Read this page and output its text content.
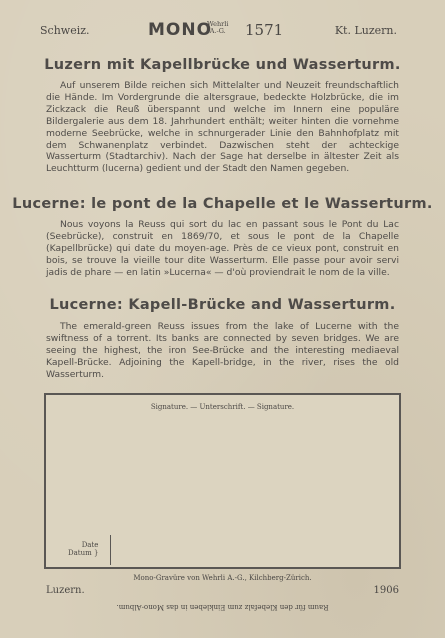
Schweiz.	MONO
Wehrli
A.-G. 1571	Kt. Luzern.
Luzern mit Kapellbrücke und Wasserturm.
Auf unserem Bilde reichen sich Mittelalter und Neuzeit freundschaftlich die Hände. Im Vordergrunde die altersgraue, bedeckte Holzbrücke, die im Zickzack die Reuß überspannt und welche im Innern eine populäre Bildergalerie aus dem 18. Jahrhundert enthält; weiter hinten die vornehme moderne Seebrücke, welche in schnurgerader Linie den Bahnhofplatz mit dem Schwanenplatz verbindet. Dazwischen steht der achteckige Wasserturm (Stadtarchiv). Nach der Sage hat derselbe in ältester Zeit als Leuchtturm (lucerna) gedient und der Stadt den Namen gegeben.
Lucerne: le pont de la Chapelle et le Wasserturm.
Nous voyons la Reuss qui sort du lac en passant sous le Pont du Lac (Seebrücke), construit en 1869/70, et sous le pont de la Chapelle (Kapellbrücke) qui date du moyen-age. Près de ce vieux pont, construit en bois, se trouve la vieille tour dite Wasserturm. Elle passe pour avoir servi jadis de phare — en latin »Lucerna« — d'où proviendrait le nom de la ville.
Lucerne: Kapell-Brücke and Wasserturm.
The emerald-green Reuss issues from the lake of Lucerne with the swiftness of a torrent. Its banks are connected by seven bridges. We are seeing the highest, the iron See-Brücke and the interesting mediaeval Kapell-Brücke. Adjoining the Kapell-bridge, in the river, rises the old Wasserturm.
Signature. — Unterschrift. — Signature.
Date
Datum }
Mono-Gravüre von Wehrli A.-G., Kilchberg-Zürich.
Luzern.	1906
Raum für den Klebefalz zum Einkleben in das Mono-Album.
